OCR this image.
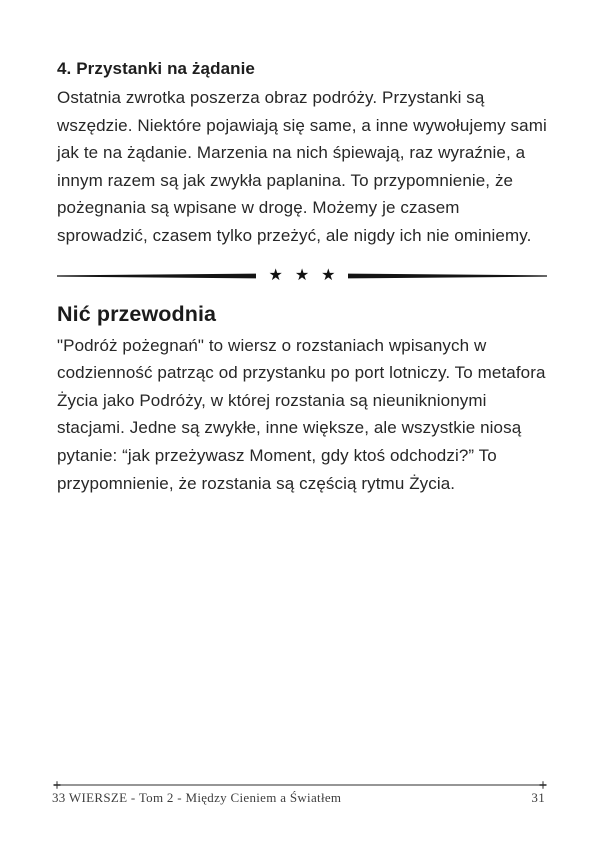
4. Przystanki na żądanie

Ostatnia zwrotka poszerza obraz podróży. Przystanki są wszędzie. Niektóre pojawiają się same, a inne wywołujemy sami jak te na żądanie. Marzenia na nich śpiewają, raz wyraźnie, a innym razem są jak zwykła paplanina. To przypomnienie, że pożegnania są wpisane w drogę. Możemy je czasem sprowadzić, czasem tylko przeżyć, ale nigdy ich nie ominiemy.

★ ★ ★
Nić przewodnia

"Podróż pożegnań" to wiersz o rozstaniach wpisanych w codzienność patrząc od przystanku po port lotniczy. To metafora Życia jako Podróży, w której rozstania są nieuniknionymi stacjami. Jedne są zwykłe, inne większe, ale wszystkie niosą pytanie: “jak przeżywasz Moment, gdy ktoś odchodzi?” To przypomnienie, że rozstania są częścią rytmu Życia.

33 WIERSZE - Tom 2 - Między Cieniem a Światłem	31
